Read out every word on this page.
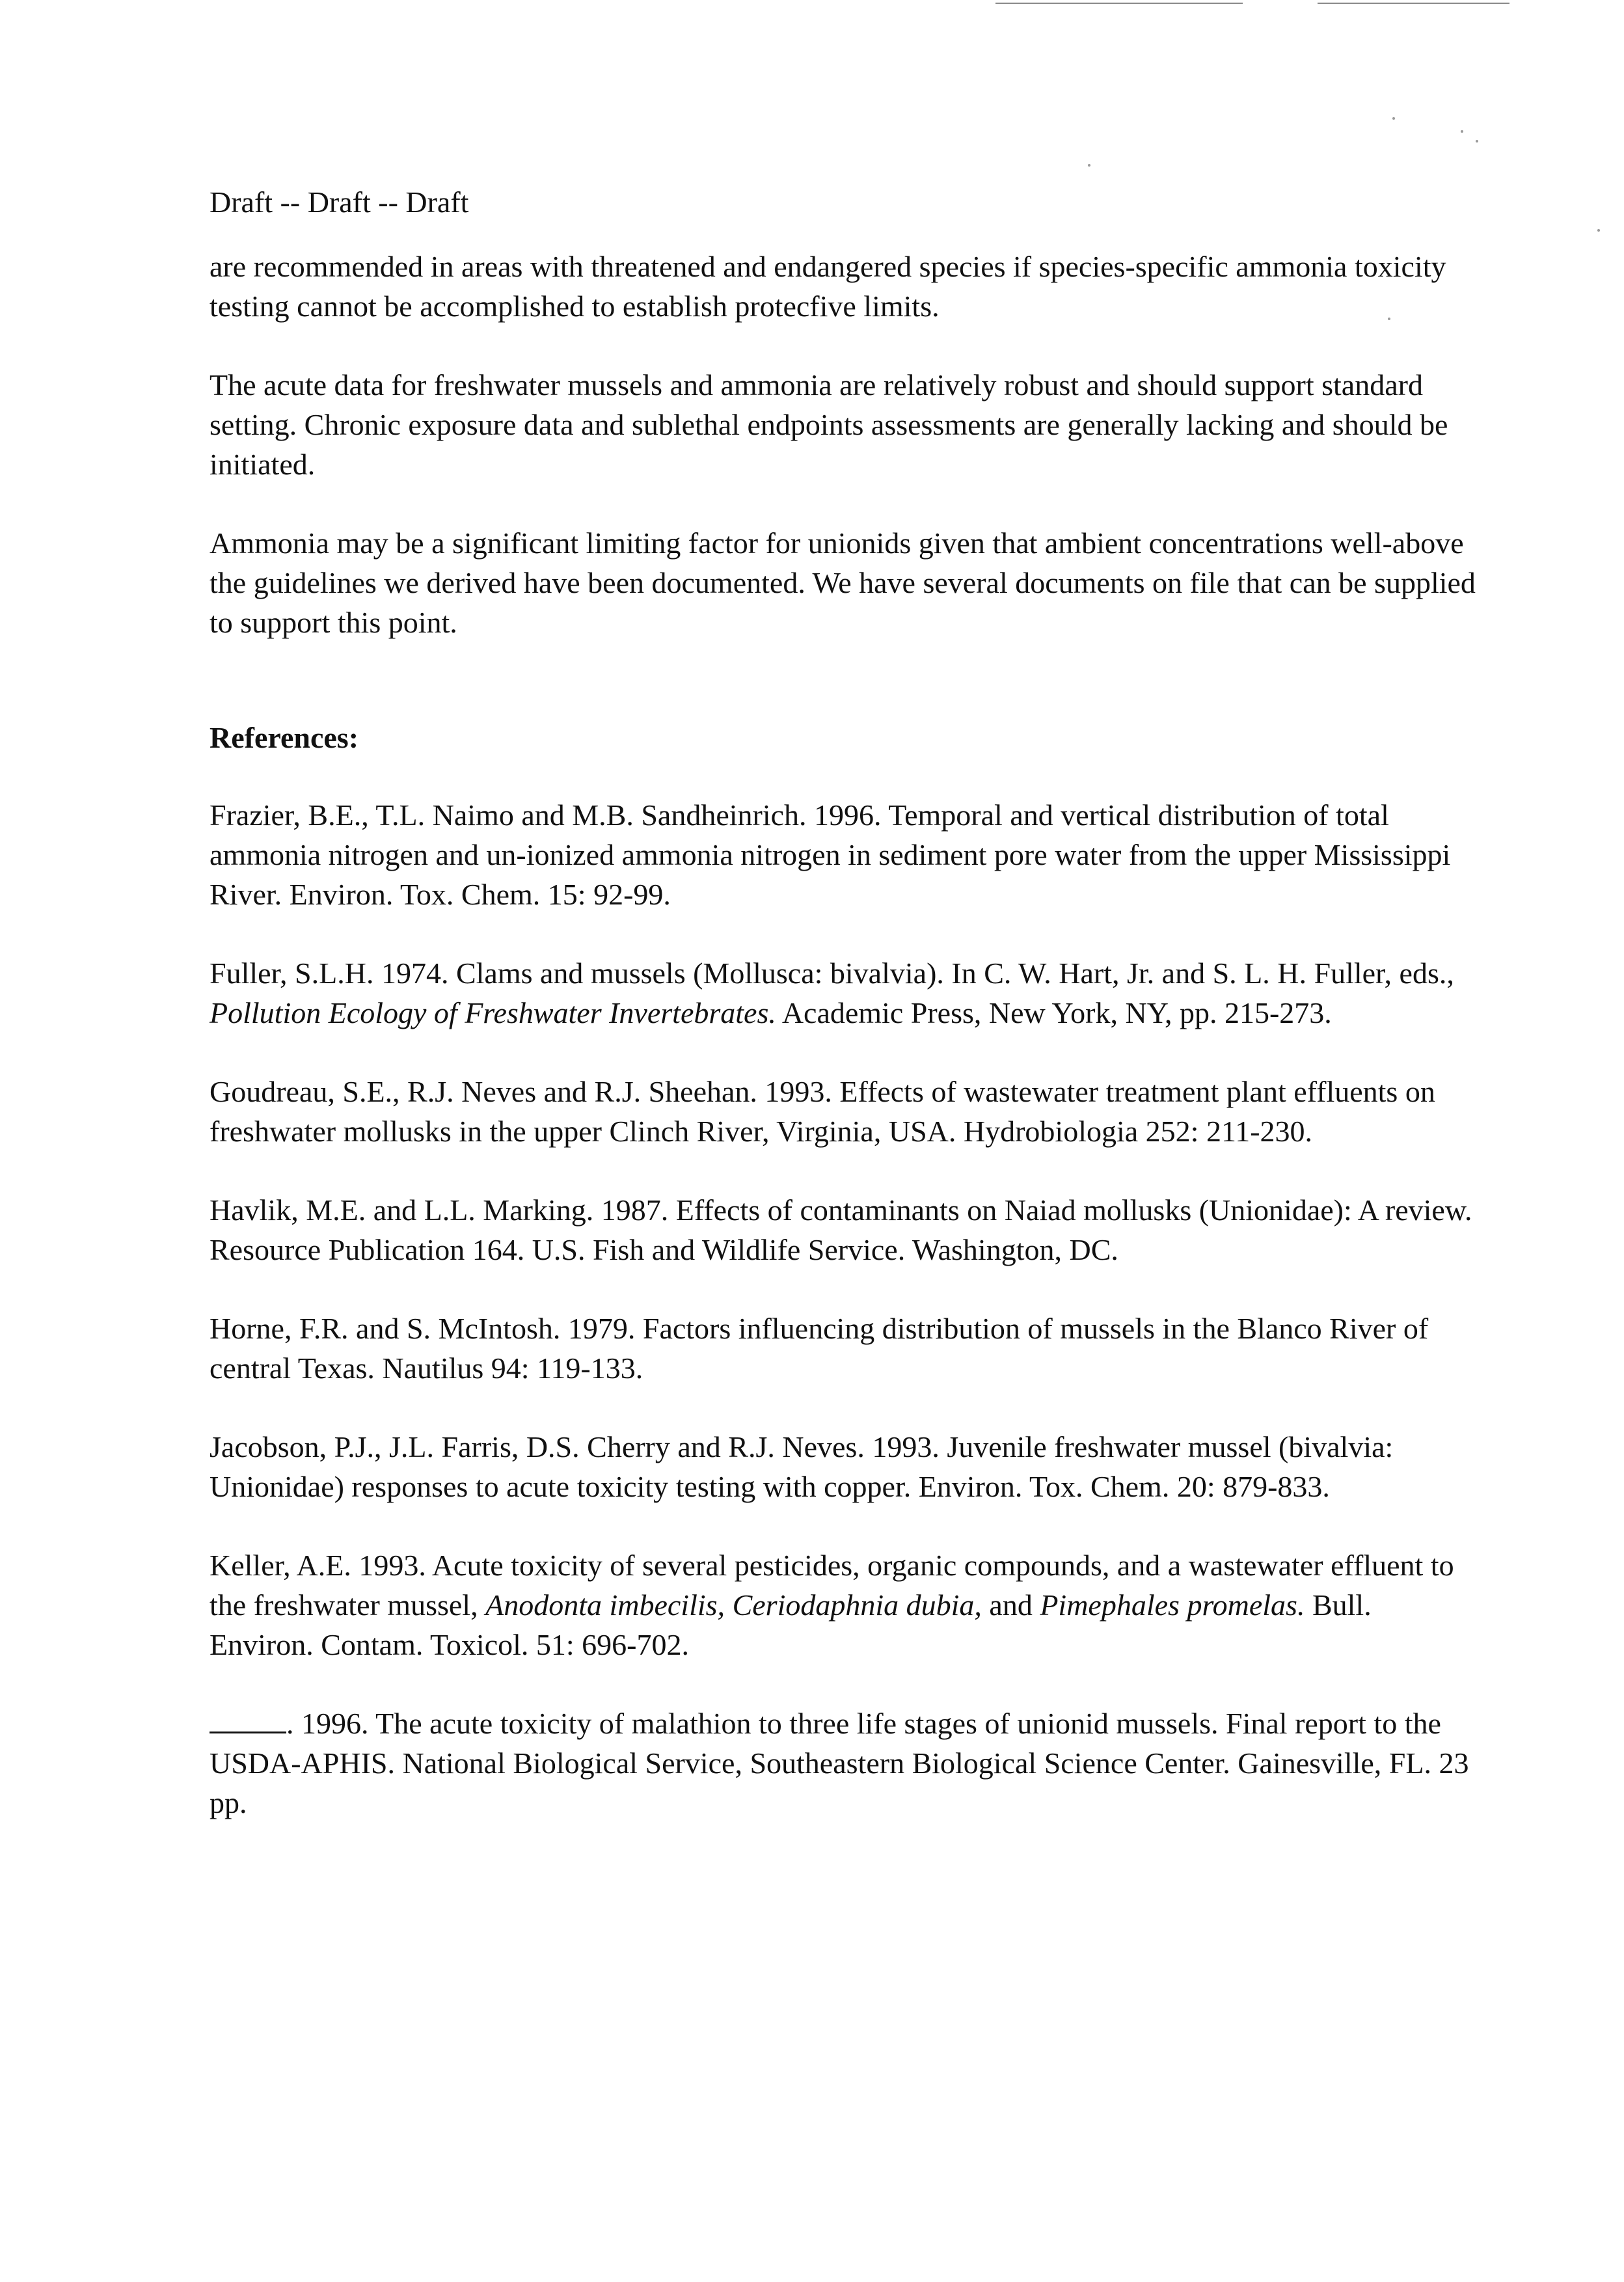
Draft -- Draft -- Draft

are recommended in areas with threatened and endangered species if species-specific ammonia toxicity testing cannot be accomplished to establish protecfive limits.

The acute data for freshwater mussels and ammonia are relatively robust and should support standard setting. Chronic exposure data and sublethal endpoints assessments are generally lacking and should be initiated.

Ammonia may be a significant limiting factor for unionids given that ambient concentrations well-above the guidelines we derived have been documented. We have several documents on file that can be supplied to support this point.

References:

Frazier, B.E., T.L. Naimo and M.B. Sandheinrich. 1996. Temporal and vertical distribution of total ammonia nitrogen and un-ionized ammonia nitrogen in sediment pore water from the upper Mississippi River. Environ. Tox. Chem. 15: 92-99.

Fuller, S.L.H. 1974. Clams and mussels (Mollusca: bivalvia). In C. W. Hart, Jr. and S. L. H. Fuller, eds., Pollution Ecology of Freshwater Invertebrates. Academic Press, New York, NY, pp. 215-273.

Goudreau, S.E., R.J. Neves and R.J. Sheehan. 1993. Effects of wastewater treatment plant effluents on freshwater mollusks in the upper Clinch River, Virginia, USA. Hydrobiologia 252: 211-230.

Havlik, M.E. and L.L. Marking. 1987. Effects of contaminants on Naiad mollusks (Unionidae): A review. Resource Publication 164. U.S. Fish and Wildlife Service. Washington, DC.

Horne, F.R. and S. McIntosh. 1979. Factors influencing distribution of mussels in the Blanco River of central Texas. Nautilus 94: 119-133.

Jacobson, P.J., J.L. Farris, D.S. Cherry and R.J. Neves. 1993. Juvenile freshwater mussel (bivalvia: Unionidae) responses to acute toxicity testing with copper. Environ. Tox. Chem. 20: 879-833.

Keller, A.E. 1993. Acute toxicity of several pesticides, organic compounds, and a wastewater effluent to the freshwater mussel, Anodonta imbecilis, Ceriodaphnia dubia, and Pimephales promelas. Bull. Environ. Contam. Toxicol. 51: 696-702.

. 1996. The acute toxicity of malathion to three life stages of unionid mussels. Final report to the USDA-APHIS. National Biological Service, Southeastern Biological Science Center. Gainesville, FL. 23 pp.
